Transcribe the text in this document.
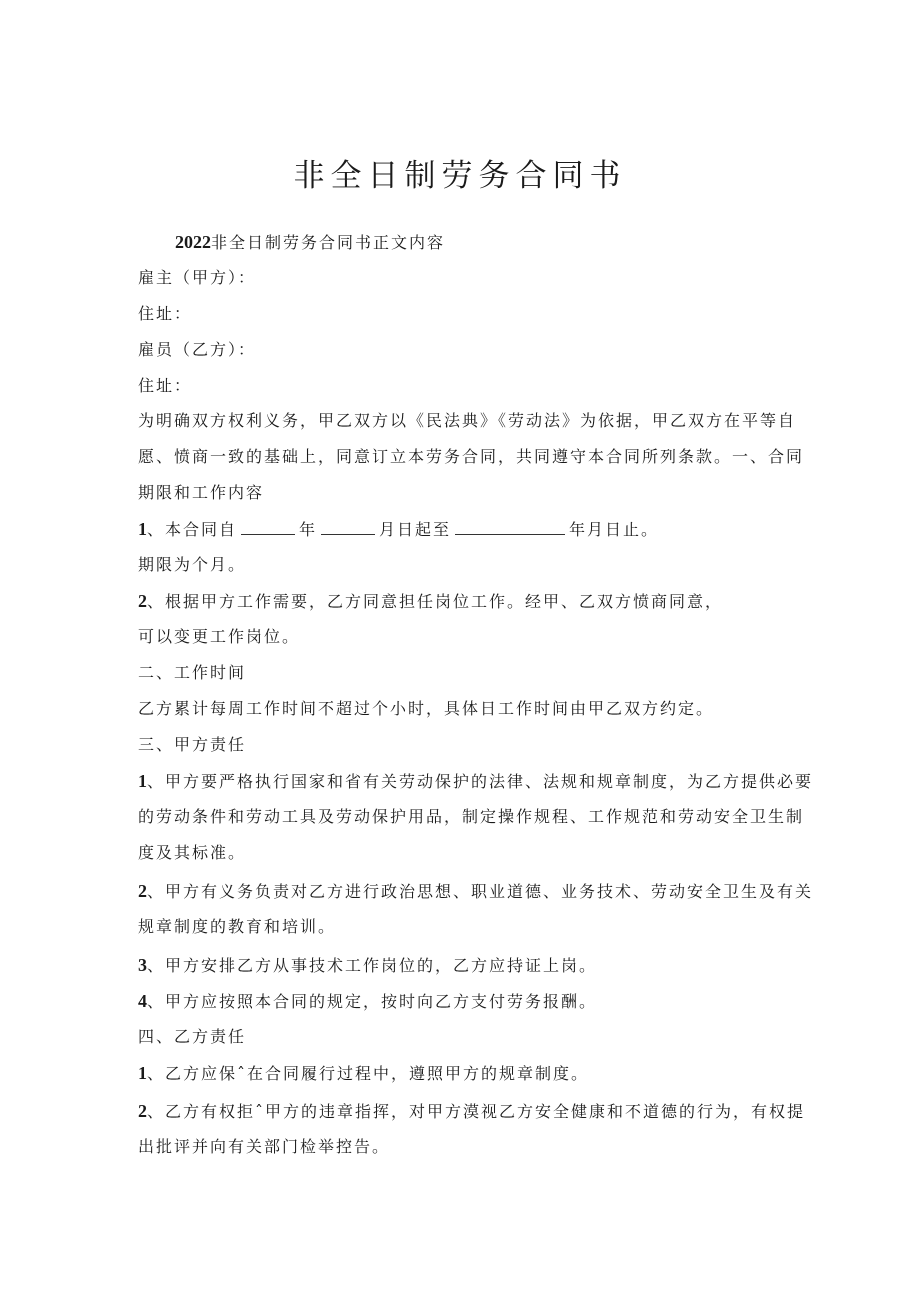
非全日制劳务合同书
2022非全日制劳务合同书正文内容
雇主（甲方）：
住址：
雇员（乙方）：
住址：
为明确双方权利义务，甲乙双方以《民法典》《劳动法》为依据，甲乙双方在平等自
愿、愤商一致的基础上，同意订立本劳务合同，共同遵守本合同所列条款。一、合同
期限和工作内容
1、本合同自	年	月日起至	年月日止。
期限为个月。
2、根据甲方工作需要，乙方同意担任岗位工作。经甲、乙双方愤商同意，
可以变更工作岗位。
二、工作时间
乙方累计每周工作时间不超过个小时，具体日工作时间由甲乙双方约定。
三、甲方责任
1、甲方要严格执行国家和省有关劳动保护的法律、法规和规章制度，为乙方提供必要
的劳动条件和劳动工具及劳动保护用品，制定操作规程、工作规范和劳动安全卫生制
度及其标准。
2、甲方有义务负责对乙方进行政治思想、职业道德、业务技术、劳动安全卫生及有关
规章制度的教育和培训。
3、甲方安排乙方从事技术工作岗位的，乙方应持证上岗。
4、甲方应按照本合同的规定，按时向乙方支付劳务报酬。
四、乙方责任
1、乙方应保ˆ在合同履行过程中，遵照甲方的规章制度。
2、乙方有权拒ˆ甲方的违章指挥，对甲方漠视乙方安全健康和不道德的行为，有权提
出批评并向有关部门检举控告。
